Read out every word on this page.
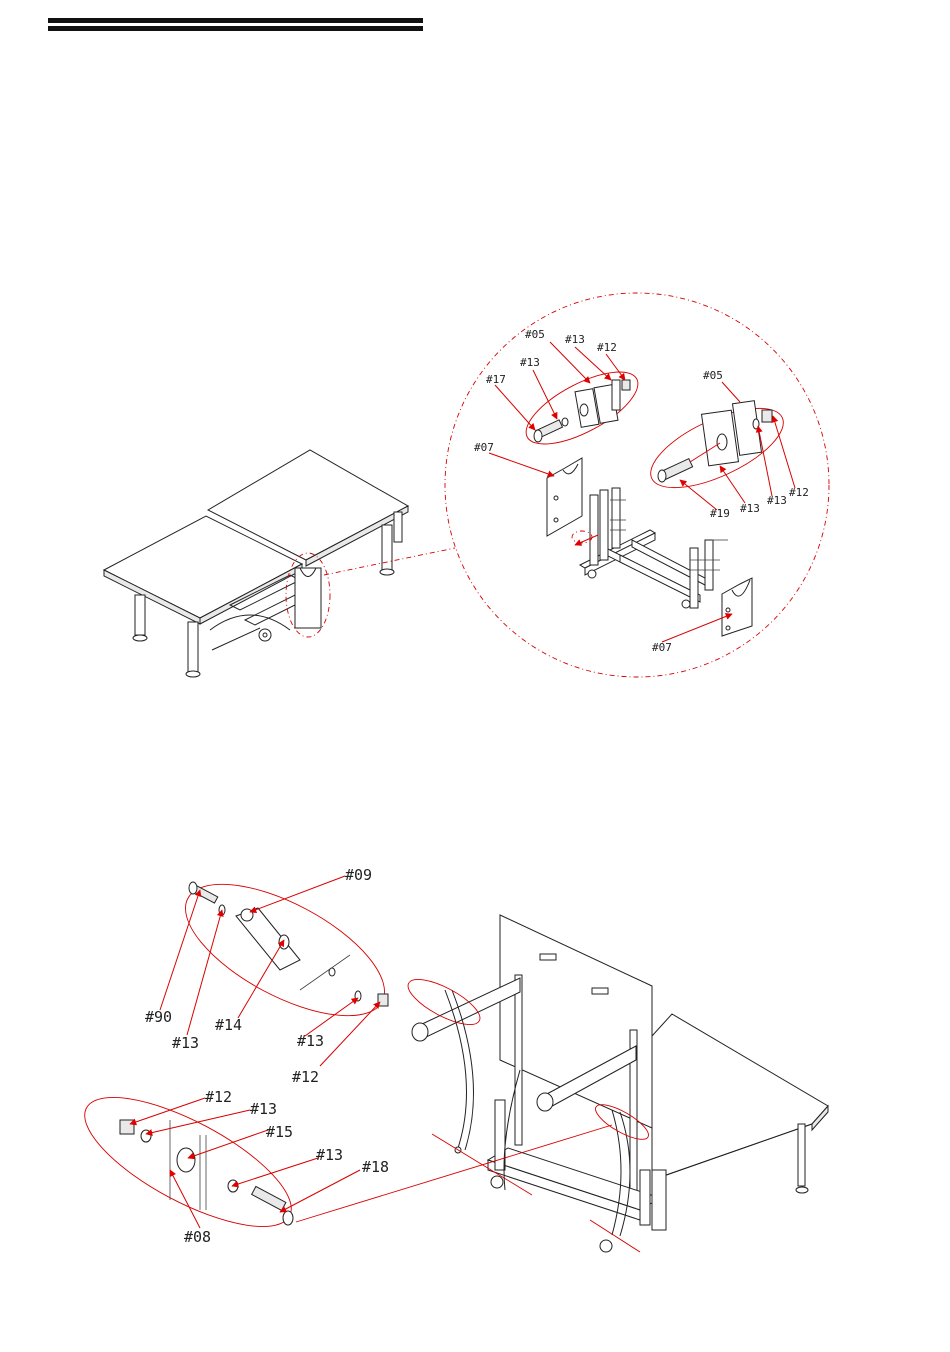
#05 #13
#12
#13
#17
#07
#05
#19 #13
#13
#12
#07
#09
#90
#13
#14
#13
#12
#12
#13
#15
#13
#18
#08
